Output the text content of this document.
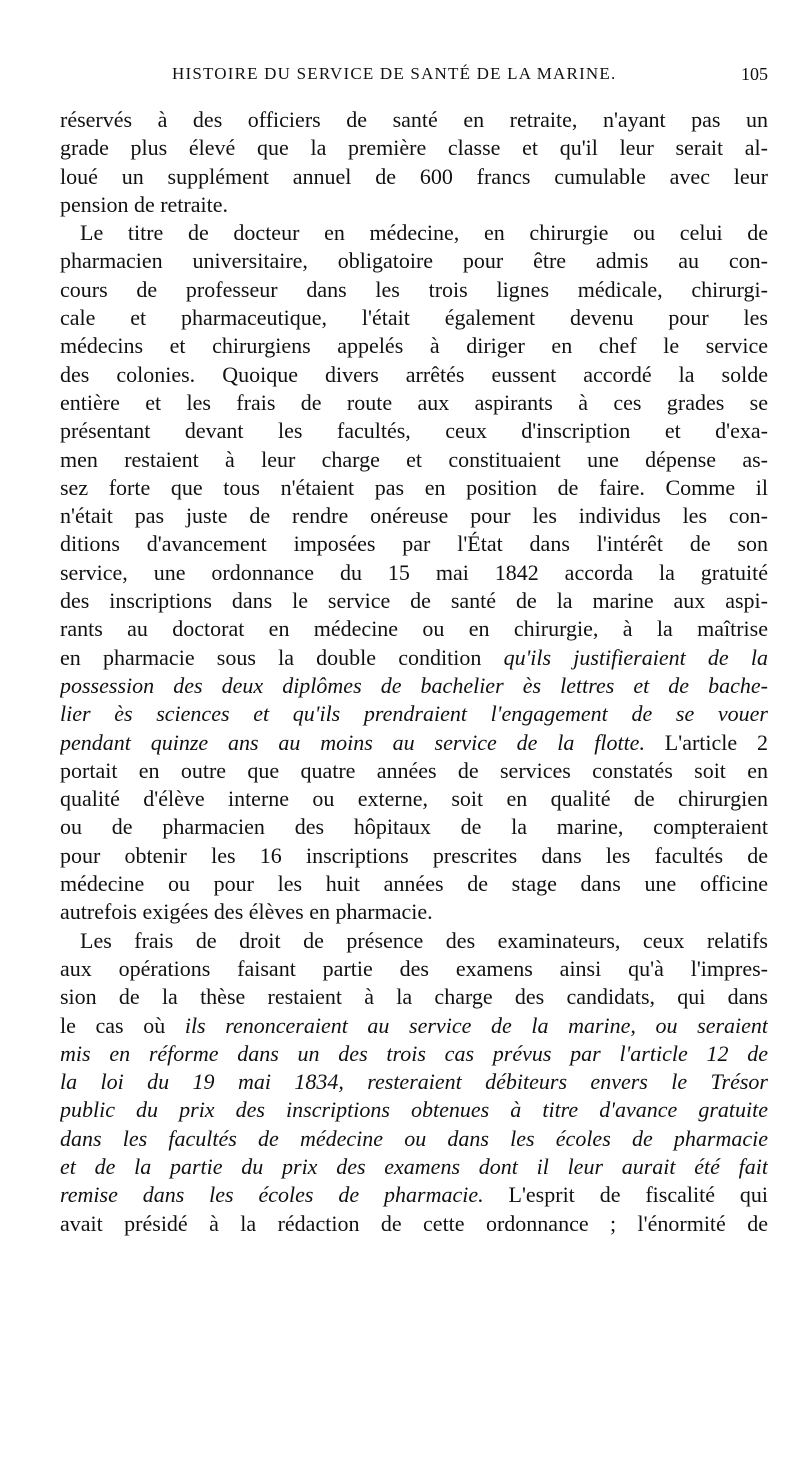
HISTOIRE DU SERVICE DE SANTÉ DE LA MARINE.	105
réservés à des officiers de santé en retraite, n'ayant pas un
grade plus élevé que la première classe et qu'il leur serait al-
loué un supplément annuel de 600 francs cumulable avec leur
pension de retraite.
Le titre de docteur en médecine, en chirurgie ou celui de
pharmacien universitaire, obligatoire pour être admis au con-
cours de professeur dans les trois lignes médicale, chirurgi-
cale et pharmaceutique, l'était également devenu pour les
médecins et chirurgiens appelés à diriger en chef le service
des colonies. Quoique divers arrêtés eussent accordé la solde
entière et les frais de route aux aspirants à ces grades se
présentant devant les facultés, ceux d'inscription et d'exa-
men restaient à leur charge et constituaient une dépense as-
sez forte que tous n'étaient pas en position de faire. Comme il
n'était pas juste de rendre onéreuse pour les individus les con-
ditions d'avancement imposées par l'État dans l'intérêt de son
service, une ordonnance du 15 mai 1842 accorda la gratuité
des inscriptions dans le service de santé de la marine aux aspi-
rants au doctorat en médecine ou en chirurgie, à la maîtrise
en pharmacie sous la double condition qu'ils justifieraient de la
possession des deux diplômes de bachelier ès lettres et de bache-
lier ès sciences et qu'ils prendraient l'engagement de se vouer
pendant quinze ans au moins au service de la flotte. L'article 2
portait en outre que quatre années de services constatés soit en
qualité d'élève interne ou externe, soit en qualité de chirurgien
ou de pharmacien des hôpitaux de la marine, compteraient
pour obtenir les 16 inscriptions prescrites dans les facultés de
médecine ou pour les huit années de stage dans une officine
autrefois exigées des élèves en pharmacie.
Les frais de droit de présence des examinateurs, ceux relatifs
aux opérations faisant partie des examens ainsi qu'à l'impres-
sion de la thèse restaient à la charge des candidats, qui dans
le cas où ils renonceraient au service de la marine, ou seraient
mis en réforme dans un des trois cas prévus par l'article 12 de
la loi du 19 mai 1834, resteraient débiteurs envers le Trésor
public du prix des inscriptions obtenues à titre d'avance gratuite
dans les facultés de médecine ou dans les écoles de pharmacie
et de la partie du prix des examens dont il leur aurait été fait
remise dans les écoles de pharmacie. L'esprit de fiscalité qui
avait présidé à la rédaction de cette ordonnance ; l'énormité de
